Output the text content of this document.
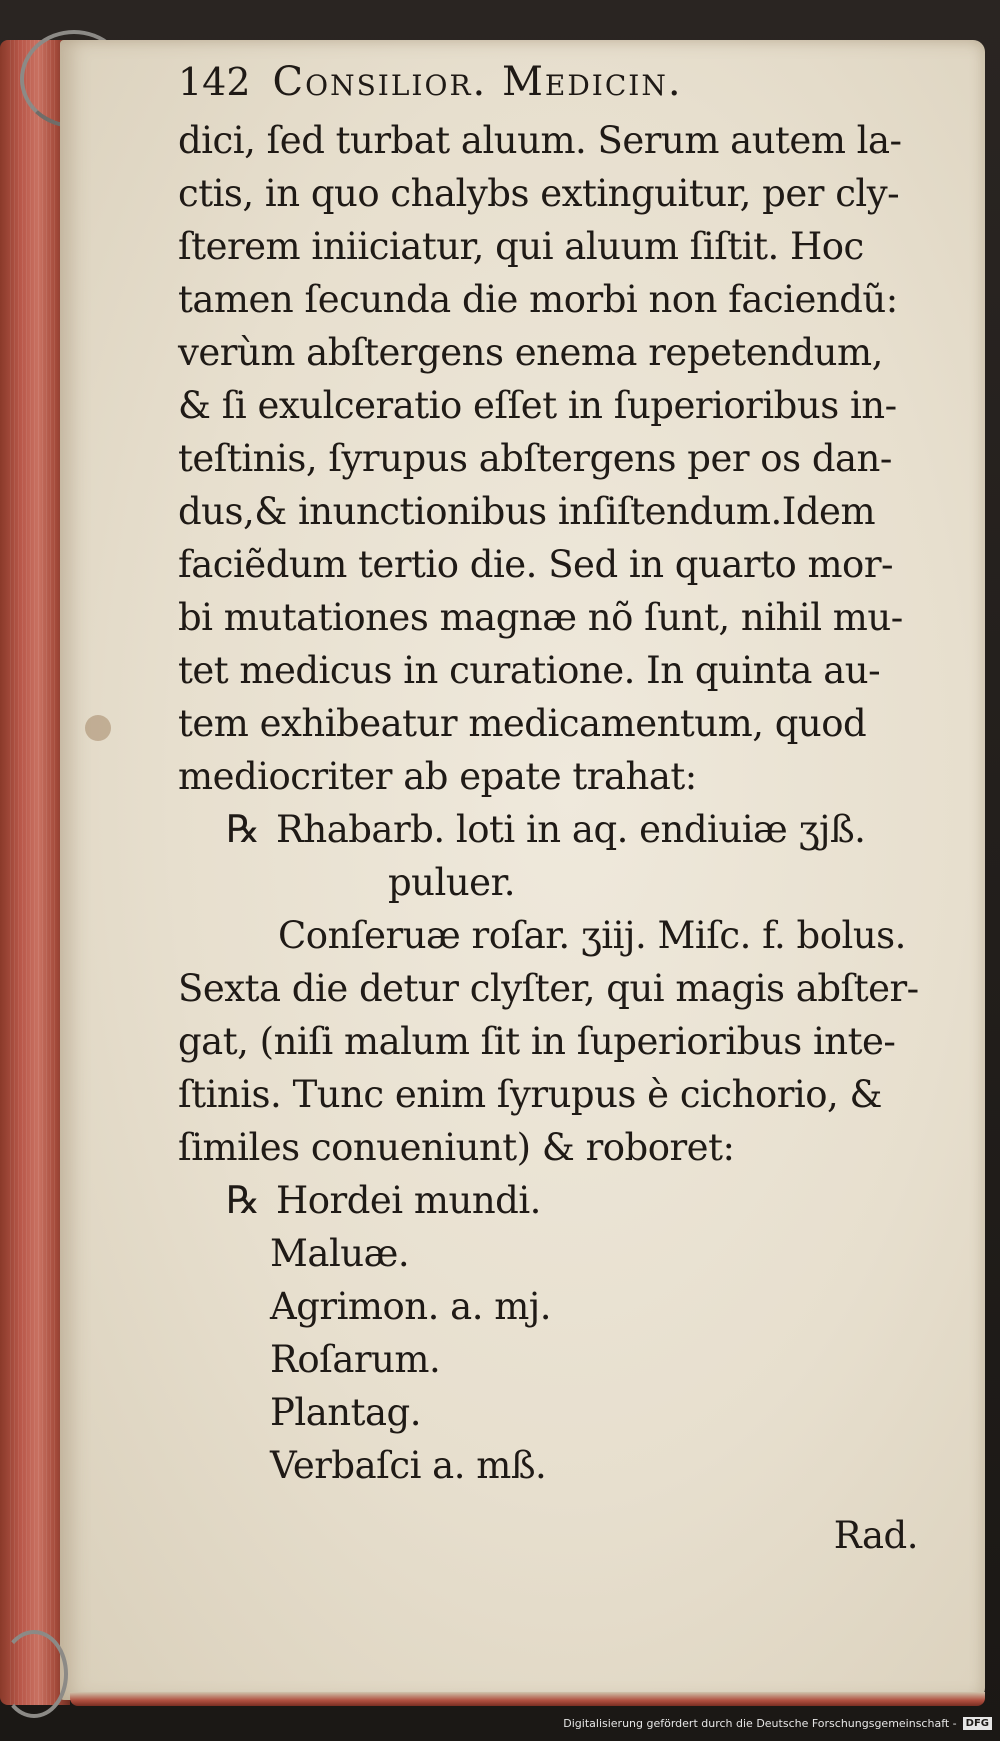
142 Consilior. Medicin.
dici, ſed turbat aluum. Serum autem la-
ctis, in quo chalybs extinguitur, per cly-
ſterem iniiciatur, qui aluum ſiſtit. Hoc
tamen ſecunda die morbi non faciendũ:
verùm abſtergens enema repetendum,
& ſi exulceratio eſſet in ſuperioribus in-
teſtinis, ſyrupus abſtergens per os dan-
dus,& inunctionibus inſiſtendum.Idem
faciẽdum tertio die. Sed in quarto mor-
bi mutationes magnæ nõ ſunt, nihil mu-
tet medicus in curatione. In quinta au-
tem exhibeatur medicamentum, quod
mediocriter ab epate trahat:
℞ Rhabarb. loti in aq. endiuiæ ʒjß.
puluer.
Conſeruæ roſar. ʒiij. Miſc. f. bolus.
Sexta die detur clyſter, qui magis abſter-
gat, (niſi malum ſit in ſuperioribus inte-
ſtinis. Tunc enim ſyrupus è cichorio, &
ſimiles conueniunt) & roboret:
℞ Hordei mundi.
Maluæ.
Agrimon. a. mj.
Roſarum.
Plantag.
Verbaſci a. mß.
Rad.
Digitalisierung gefördert durch die Deutsche Forschungsgemeinschaft - DFG
